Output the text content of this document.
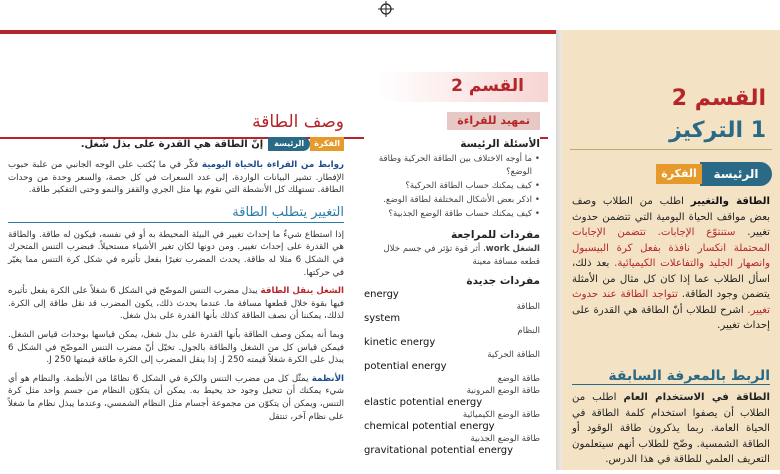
القسم 2
تمهيد للقراءة

الأسئلة الرئيسة

• ما أوجه الاختلاف بين الطاقة الحركية وطاقة الوضع؟
• كيف يمكنك حساب الطاقة الحركية؟
• اذكر بعض الأشكال المختلفة لطاقة الوضع.
• كيف يمكنك حساب طاقة الوضع الجذبية؟

مفردات للمراجعة

الشغل work، أثر قوة تؤثر في جسم خلال قطعه مسافة معينة

مفردات جديدة

energy
الطاقة
system
النظام
kinetic energy
الطاقة الحركية
potential energy
طاقة الوضع
طاقة الوضع المرونية
elastic potential energy
طاقة الوضع الكيميائية
chemical potential energy
طاقة الوضع الجذبية
gravitational potential energy
وصف الطاقة
الفكرةالرئيسةإنّ الطاقة هي القدرة على بذل شُغل.

روابط من القراءة بالحياة اليومية فكّر في ما يُكتب على الوجه الجانبي من علبة حبوب الإفطار. تشير البيانات الواردة، إلى عدد السعرات في كل حصة، والسعر وحدة من وحدات الطاقة. تستهلك كل الأنشطة التي نقوم بها مثل الجري والقفز والنمو وحتى التفكير طاقة.

التغيير يتطلب الطاقة

إذا استطاع شيءٌ ما إحداث تغيير في البيئة المحيطة به أو في نفسه، فيكون له طاقة. والطاقة هي القدرة على إحداث تغيير. ومن دونها لكان تغير الأشياء مستحيلاً. فبضرب التنس المتحرك في الشكل 6 مثلا له طاقة. يحدث المضرب تغيرًا بفعل تأثيره في شكل كرة التنس مما يغيّر في حركتها.

الشغل ينقل الطاقة يبذل مضرب التنس الموضّح في الشكل 6 شغلاً على الكرة بفعل تأثيره فيها بقوة خلال قطعها مسافة ما. عندما يحدث ذلك، يكون المضرب قد نقل طاقة إلى الكرة. لذلك، يمكننا أن نصف الطاقة كذلك بأنها القدرة على بذل شغل.

وبما أنه يمكن وصف الطاقة بأنها القدرة على بذل شغل، يمكن قياسها بوحدات قياس الشغل. فيمكن قياس كل من الشغل والطاقة بالجول. تخيّل أنّ مضرب التنس الموضّح في الشكل 6 يبذل على الكرة شغلاً قيمته 250 J. إذا ينقل المضرب إلى الكرة طاقة قيمتها 250 J.

الأنظمة يمثّل كل من مضرب التنس والكرة في الشكل 6 نظامًا من الأنظمة. والنظام هو أي شيء يمكنك أن تتخيل وجود حد يحيط به. يمكن أن يتكوّن النظام من جسم واحد مثل كرة التنس، ويمكن أن يتكوّن من مجموعة أجسام مثل النظام الشمسي، وعندما يبذل نظام ما شغلاً على نظام آخر، تنتقل

القسم 2
1 التركيز
الرئيسة
الفكرة

الطاقة والتغيير اطلب من الطلاب وصف بعض مواقف الحياة اليومية التي تتضمن حدوث تغيير. ستنتوّع الإجابات. تتضمن الإجابات المحتملة انكسار نافذة بفعل كرة البيسبول وانصهار الجليد والتفاعلات الكيميائية. بعد ذلك، اسأل الطلاب عما إذا كان كل مثال من الأمثلة يتضمن وجود الطاقة. تتواجد الطاقة عند حدوث تغيير. اشرح للطلاب أنّ الطاقة هي القدرة على إحداث تغيير.

الربط بالمعرفة السابقة

الطاقة في الاستخدام العام اطلب من الطلاب أن يصفوا استخدام كلمة الطاقة في الحياة العامة. ربما يذكرون طاقة الوقود أو الطاقة الشمسية. وضّح للطلاب أنهم سيتعلمون التعريف العلمي للطاقة في هذا الدرس.
